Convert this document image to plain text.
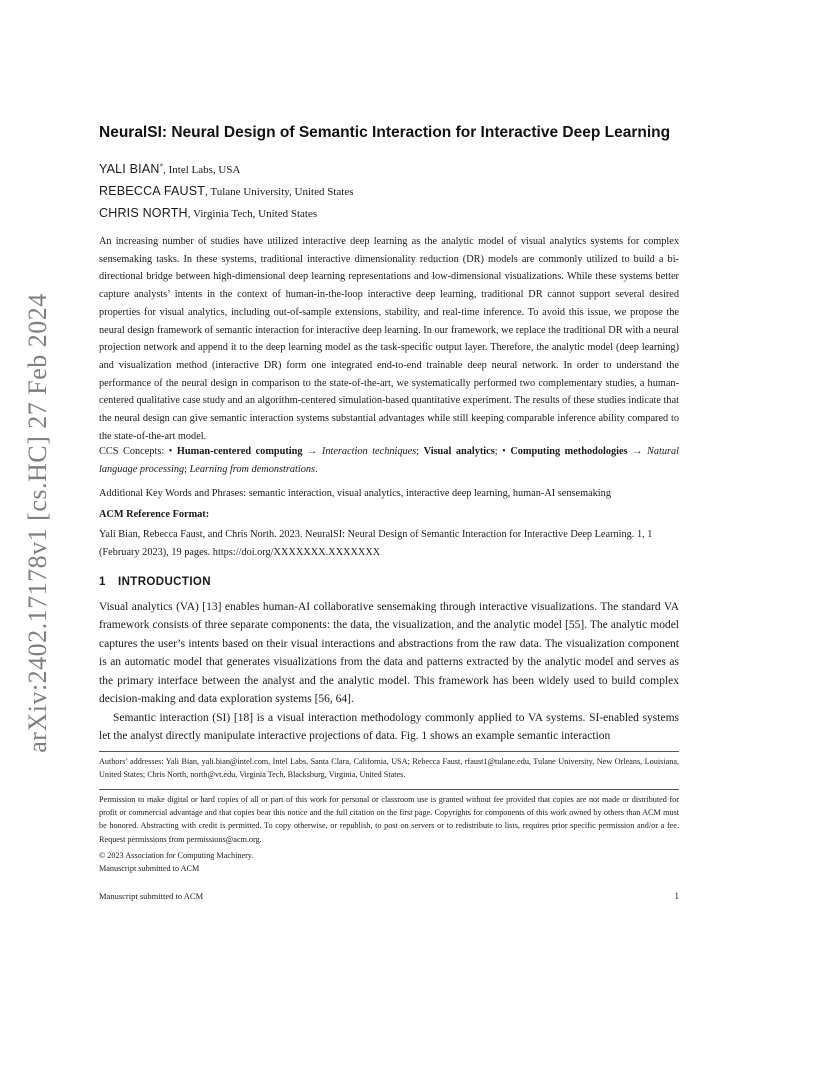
arXiv:2402.17178v1 [cs.HC] 27 Feb 2024
NeuralSI: Neural Design of Semantic Interaction for Interactive Deep Learning

YALI BIAN*, Intel Labs, USA

REBECCA FAUST, Tulane University, United States

CHRIS NORTH, Virginia Tech, United States

An increasing number of studies have utilized interactive deep learning as the analytic model of visual analytics systems for complex sensemaking tasks. In these systems, traditional interactive dimensionality reduction (DR) models are commonly utilized to build a bi-directional bridge between high-dimensional deep learning representations and low-dimensional visualizations. While these systems better capture analysts’ intents in the context of human-in-the-loop interactive deep learning, traditional DR cannot support several desired properties for visual analytics, including out-of-sample extensions, stability, and real-time inference. To avoid this issue, we propose the neural design framework of semantic interaction for interactive deep learning. In our framework, we replace the traditional DR with a neural projection network and append it to the deep learning model as the task-specific output layer. Therefore, the analytic model (deep learning) and visualization method (interactive DR) form one integrated end-to-end trainable deep neural network. In order to understand the performance of the neural design in comparison to the state-of-the-art, we systematically performed two complementary studies, a human-centered qualitative case study and an algorithm-centered simulation-based quantitative experiment. The results of these studies indicate that the neural design can give semantic interaction systems substantial advantages while still keeping comparable inference ability compared to the state-of-the-art model.

CCS Concepts: • Human-centered computing → Interaction techniques; Visual analytics; • Computing methodologies → Natural language processing; Learning from demonstrations.

Additional Key Words and Phrases: semantic interaction, visual analytics, interactive deep learning, human-AI sensemaking

ACM Reference Format:

Yali Bian, Rebecca Faust, and Chris North. 2023. NeuralSI: Neural Design of Semantic Interaction for Interactive Deep Learning. 1, 1 (February 2023), 19 pages. https://doi.org/XXXXXXX.XXXXXXX

1 INTRODUCTION

Visual analytics (VA) [13] enables human-AI collaborative sensemaking through interactive visualizations. The standard VA framework consists of three separate components: the data, the visualization, and the analytic model [55]. The analytic model captures the user’s intents based on their visual interactions and abstractions from the raw data. The visualization component is an automatic model that generates visualizations from the data and patterns extracted by the analytic model and serves as the primary interface between the analyst and the analytic model. This framework has been widely used to build complex decision-making and data exploration systems [56, 64].

Semantic interaction (SI) [18] is a visual interaction methodology commonly applied to VA systems. SI-enabled systems let the analyst directly manipulate interactive projections of data. Fig. 1 shows an example semantic interaction

Authors’ addresses: Yali Bian, yali.bian@intel.com, Intel Labs, Santa Clara, California, USA; Rebecca Faust, rfaust1@tulane.edu, Tulane University, New Orleans, Louisiana, United States; Chris North, north@vt.edu, Virginia Tech, Blacksburg, Virginia, United States.

Permission to make digital or hard copies of all or part of this work for personal or classroom use is granted without fee provided that copies are not made or distributed for profit or commercial advantage and that copies bear this notice and the full citation on the first page. Copyrights for components of this work owned by others than ACM must be honored. Abstracting with credit is permitted. To copy otherwise, or republish, to post on servers or to redistribute to lists, requires prior specific permission and/or a fee. Request permissions from permissions@acm.org.

© 2023 Association for Computing Machinery.

Manuscript submitted to ACM

Manuscript submitted to ACM	1
